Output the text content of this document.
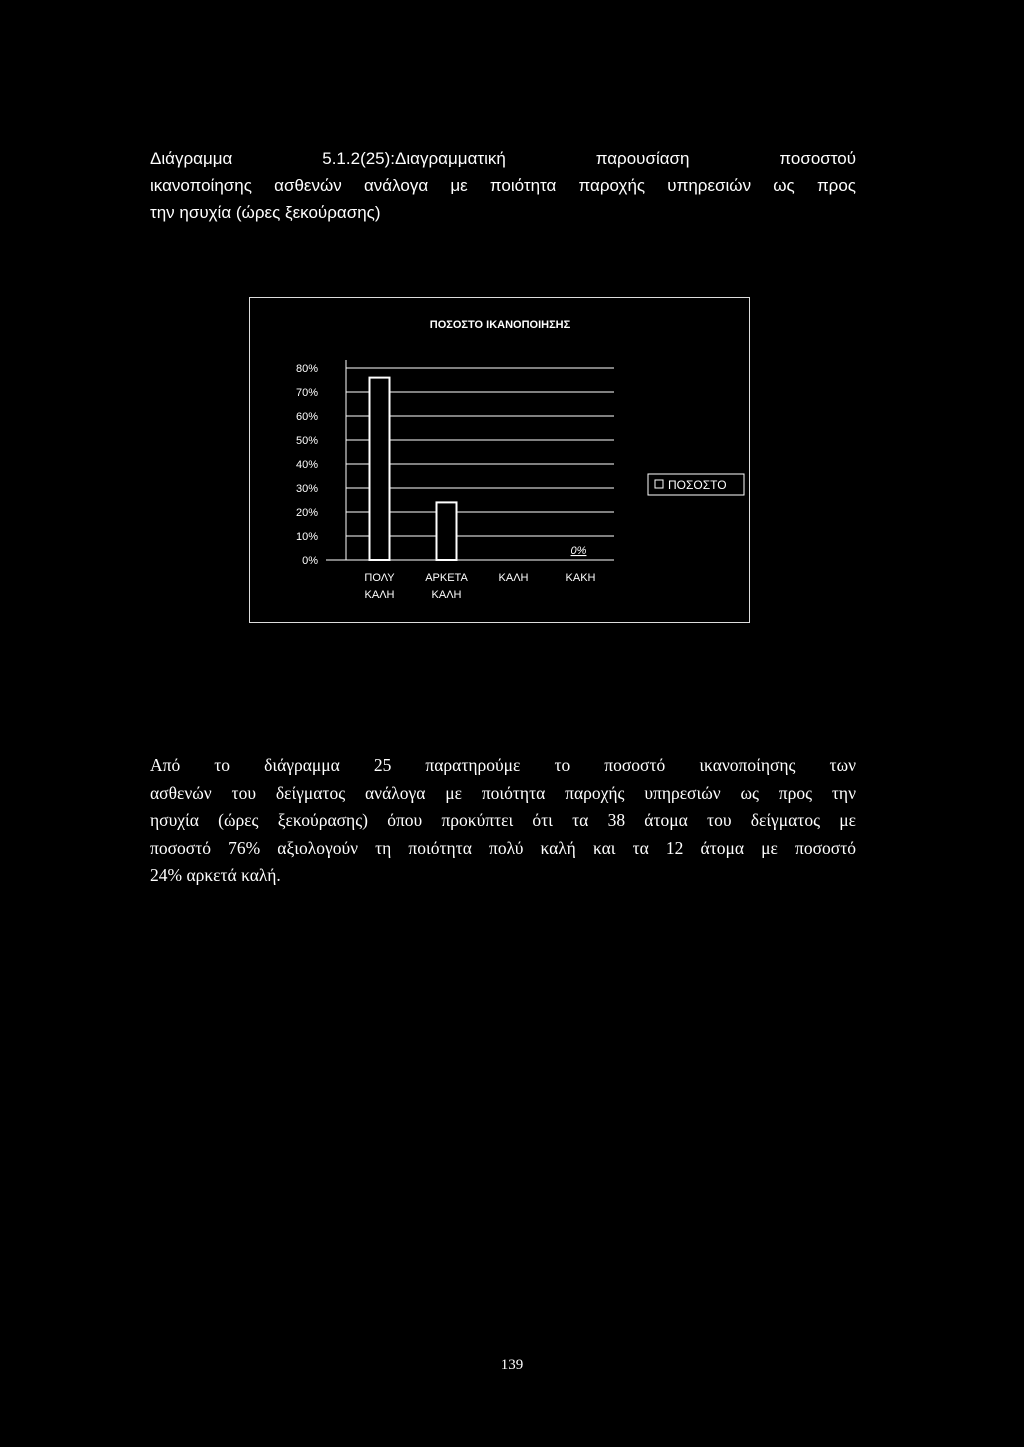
Διάγραμμα 5.1.2(25):Διαγραμματική παρουσίαση ποσοστού
ικανοποίησης ασθενών ανάλογα με ποιότητα παροχής υπηρεσιών ως προς
την ησυχία (ώρες ξεκούρασης)
ΠΟΣΟΣΤΟ ΙΚΑΝΟΠΟΙΗΣΗΣ
0%
10%
20%
30%
40%
50%
60%
70%
80%
ΠΟΛΥ
ΚΑΛΗ
ΑΡΚΕΤΑ
ΚΑΛΗ
ΚΑΛΗ
0%
ΚΑΚΗ
ΠΟΣΟΣΤΟ
Από το διάγραμμα 25 παρατηρούμε το ποσοστό ικανοποίησης των
ασθενών του δείγματος ανάλογα με ποιότητα παροχής υπηρεσιών ως προς την
ησυχία (ώρες ξεκούρασης) όπου προκύπτει ότι τα 38 άτομα του δείγματος με
ποσοστό 76% αξιολογούν τη ποιότητα πολύ καλή και τα 12 άτομα με ποσοστό
24% αρκετά καλή.
139
